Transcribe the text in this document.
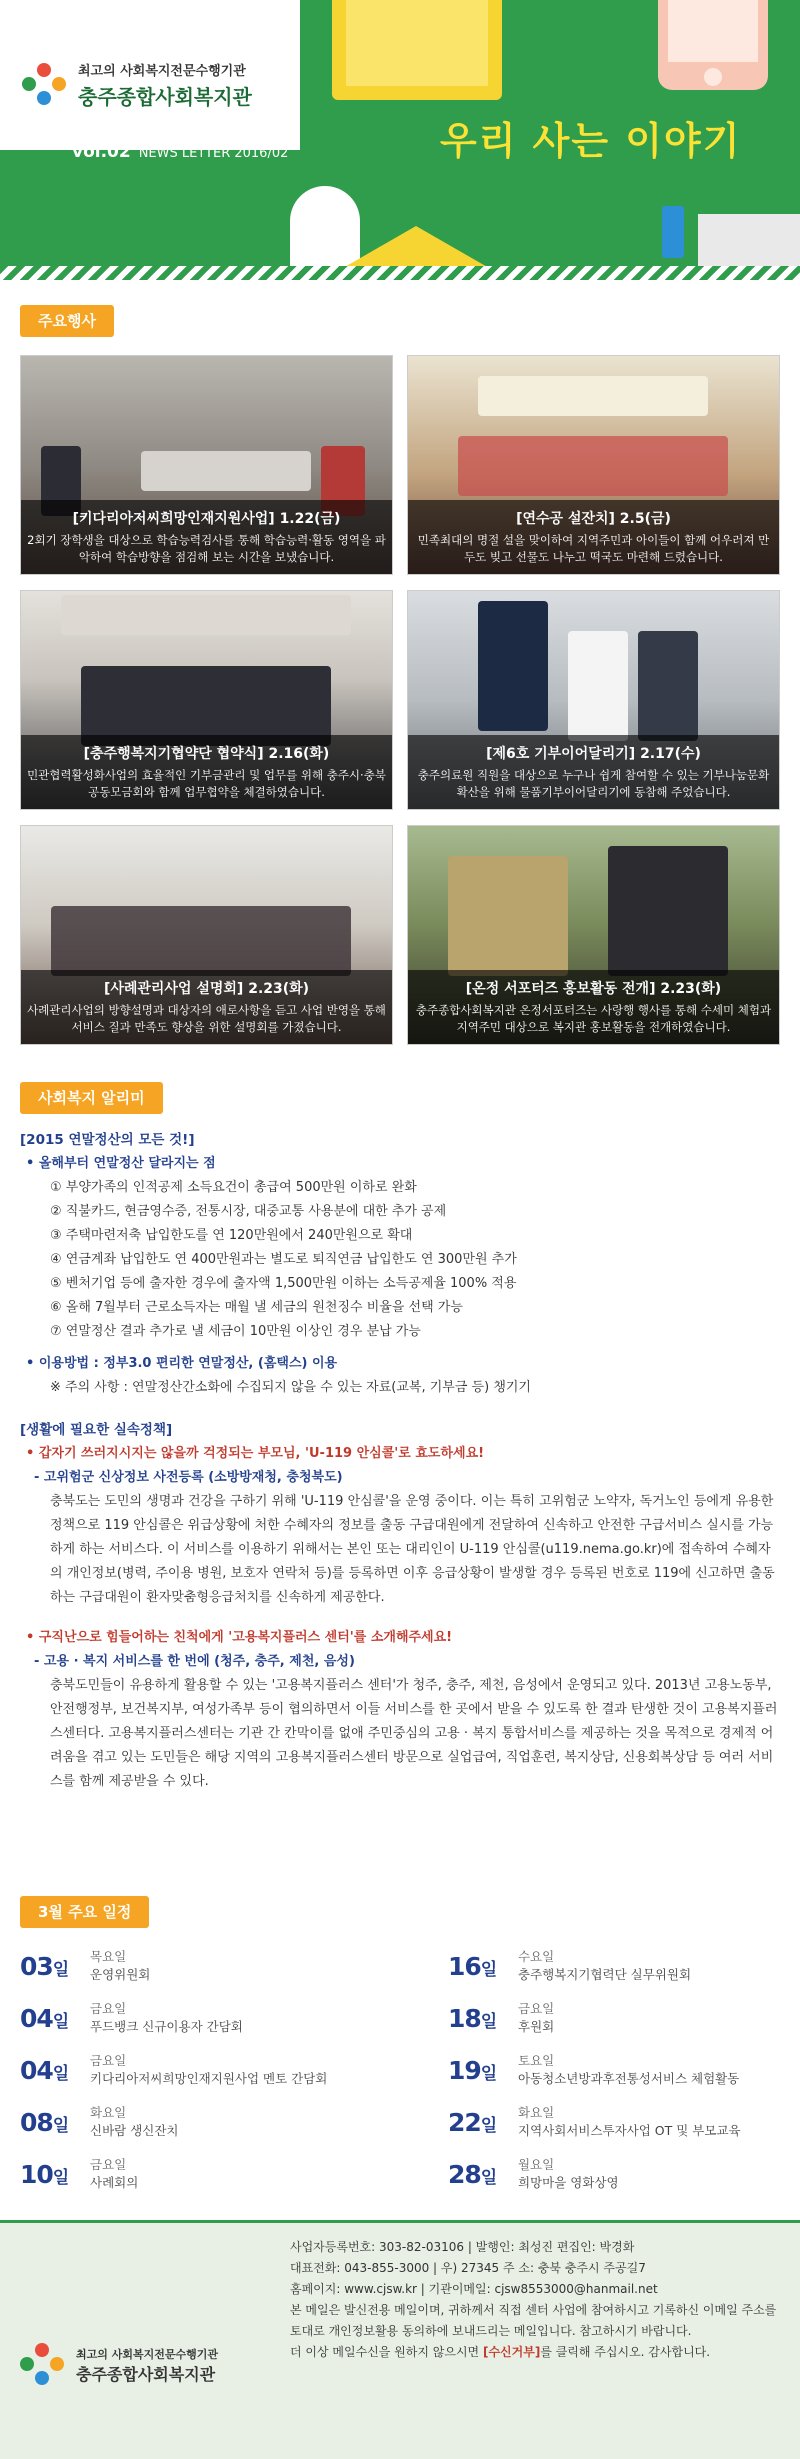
최고의 사회복지전문수행기관
충주종합사회복지관
vol.02 NEWS LETTER 2016/02	우리 사는 이야기
주요행사
[키다리아저씨희망인재지원사업] 1.22(금)
2회기 장학생을 대상으로 학습능력검사를 통해 학습능력·활동 영역을 파악하여 학습방향을 점검해 보는 시간을 보냈습니다.
[연수공 설잔치] 2.5(금)
민족최대의 명절 설을 맞이하여 지역주민과 아이들이 함께 어우러져 만두도 빚고 선물도 나누고 떡국도 마련해 드렸습니다.
[충주행복지기협약단 협약식] 2.16(화)
민관협력활성화사업의 효율적인 기부금관리 및 업무를 위해 충주시·충북공동모금회와 함께 업무협약을 체결하였습니다.
[제6호 기부이어달리기] 2.17(수)
충주의료원 직원을 대상으로 누구나 쉽게 참여할 수 있는 기부나눔문화 확산을 위해 물품기부이어달리기에 동참해 주었습니다.
[사례관리사업 설명회] 2.23(화)
사례관리사업의 방향설명과 대상자의 애로사항을 듣고 사업 반영을 통해 서비스 질과 만족도 향상을 위한 설명회를 가졌습니다.
[온정 서포터즈 홍보활동 전개] 2.23(화)
충주종합사회복지관 온정서포터즈는 사랑행 행사를 통해 수세미 체험과 지역주민 대상으로 복지관 홍보활동을 전개하였습니다.
사회복지 알리미
[2015 연말정산의 모든 것!]
• 올해부터 연말정산 달라지는 점
① 부양가족의 인적공제 소득요건이 총급여 500만원 이하로 완화
② 직불카드, 현금영수증, 전통시장, 대중교통 사용분에 대한 추가 공제
③ 주택마련저축 납입한도를 연 120만원에서 240만원으로 확대
④ 연금계좌 납입한도 연 400만원과는 별도로 퇴직연금 납입한도 연 300만원 추가
⑤ 벤처기업 등에 출자한 경우에 출자액 1,500만원 이하는 소득공제율 100% 적용
⑥ 올해 7월부터 근로소득자는 매월 낼 세금의 원천징수 비율을 선택 가능
⑦ 연말정산 결과 추가로 낼 세금이 10만원 이상인 경우 분납 가능
• 이용방법 : 정부3.0 편리한 연말정산, (홈택스) 이용
※ 주의 사항 : 연말정산간소화에 수집되지 않을 수 있는 자료(교복, 기부금 등) 챙기기
[생활에 필요한 실속정책]
• 갑자기 쓰러지시지는 않을까 걱정되는 부모님, 'U-119 안심콜'로 효도하세요!
- 고위험군 신상정보 사전등록 (소방방재청, 충청북도)
충북도는 도민의 생명과 건강을 구하기 위해 'U-119 안심콜'을 운영 중이다. 이는 특히 고위험군 노약자, 독거노인 등에게 유용한 정책으로 119 안심콜은 위급상황에 처한 수혜자의 정보를 출동 구급대원에게 전달하여 신속하고 안전한 구급서비스 실시를 가능하게 하는 서비스다. 이 서비스를 이용하기 위해서는 본인 또는 대리인이 U-119 안심콜(u119.nema.go.kr)에 접속하여 수혜자의 개인정보(병력, 주이용 병원, 보호자 연락처 등)를 등록하면 이후 응급상황이 발생할 경우 등록된 번호로 119에 신고하면 출동하는 구급대원이 환자맞춤형응급처치를 신속하게 제공한다.
• 구직난으로 힘들어하는 친척에게 '고용복지플러스 센터'를 소개해주세요!
- 고용 · 복지 서비스를 한 번에 (청주, 충주, 제천, 음성)
충북도민들이 유용하게 활용할 수 있는 '고용복지플러스 센터'가 청주, 충주, 제천, 음성에서 운영되고 있다. 2013년 고용노동부, 안전행정부, 보건복지부, 여성가족부 등이 협의하면서 이들 서비스를 한 곳에서 받을 수 있도록 한 결과 탄생한 것이 고용복지플러스센터다. 고용복지플러스센터는 기관 간 칸막이를 없애 주민중심의 고용 · 복지 통합서비스를 제공하는 것을 목적으로 경제적 어려움을 겪고 있는 도민들은 해당 지역의 고용복지플러스센터 방문으로 실업급여, 직업훈련, 복지상담, 신용회복상담 등 여러 서비스를 함께 제공받을 수 있다.
3월 주요 일정
03일
목요일
운영위원회
04일
금요일
푸드뱅크 신규이용자 간담회
04일
금요일
키다리아저씨희망인재지원사업 멘토 간담회
08일
화요일
신바람 생신잔치
10일
금요일
사례회의
16일
수요일
충주행복지기협력단 실무위원회
18일
금요일
후원회
19일
토요일
아동청소년방과후전통성서비스 체험활동
22일
화요일
지역사회서비스투자사업 OT 및 부모교육
28일
월요일
희망마을 영화상영
최고의 사회복지전문수행기관
충주종합사회복지관
사업자등록번호: 303-82-03106 | 발행인: 최성진 편집인: 박경화
대표전화: 043-855-3000 | 우) 27345 주 소: 충북 충주시 주공길7
홈페이지: www.cjsw.kr | 기관이메일: cjsw8553000@hanmail.net
본 메일은 발신전용 메일이며, 귀하께서 직접 센터 사업에 참여하시고 기록하신 이메일 주소를 토대로 개인정보활용 동의하에 보내드리는 메일입니다. 참고하시기 바랍니다.
더 이상 메일수신을 원하지 않으시면 [수신거부]를 클릭해 주십시오. 감사합니다.
